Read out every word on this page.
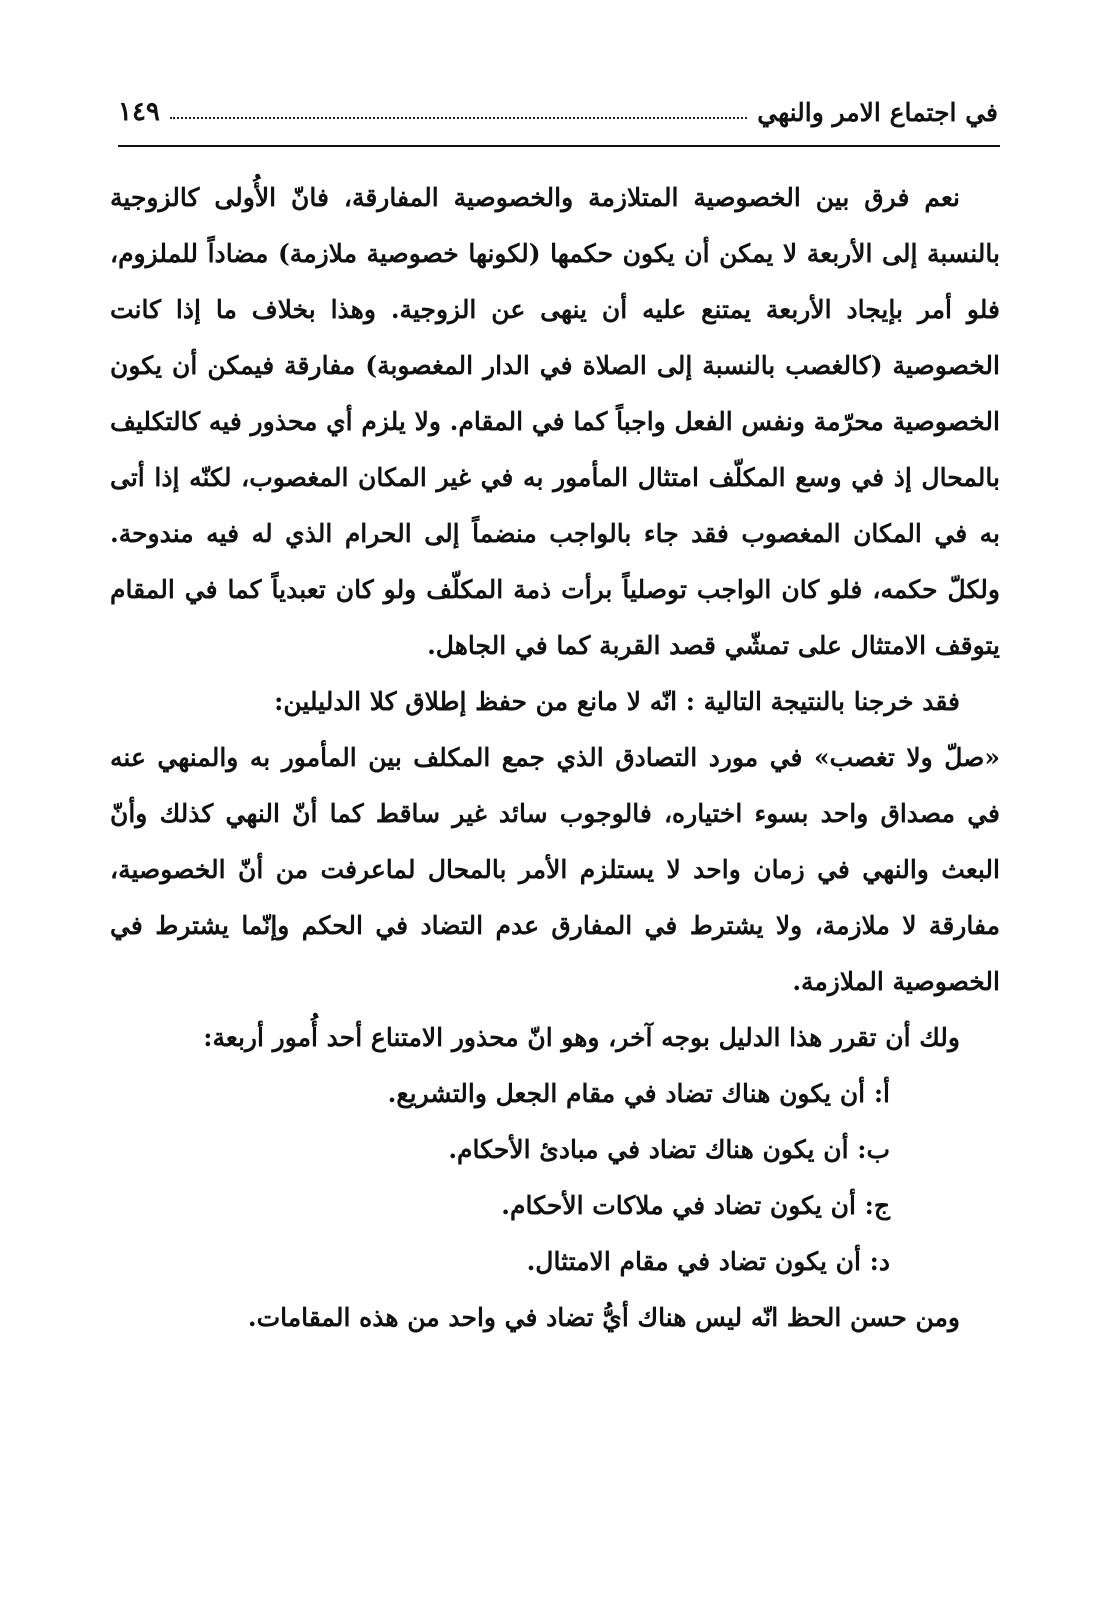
في اجتماع الامر والنهي
١٤٩

نعم فرق بين الخصوصية المتلازمة والخصوصية المفارقة، فانّ الأُولى كالزوجية بالنسبة إلى الأربعة لا يمكن أن يكون حكمها (لكونها خصوصية ملازمة) مضاداً للملزوم، فلو أمر بإيجاد الأربعة يمتنع عليه أن ينهى عن الزوجية. وهذا بخلاف ما إذا كانت الخصوصية (كالغصب بالنسبة إلى الصلاة في الدار المغصوبة) مفارقة فيمكن أن يكون الخصوصية محرّمة ونفس الفعل واجباً كما في المقام. ولا يلزم أي محذور فيه كالتكليف بالمحال إذ في وسع المكلّف امتثال المأمور به في غير المكان المغصوب، لكنّه إذا أتى به في المكان المغصوب فقد جاء بالواجب منضماً إلى الحرام الذي له فيه مندوحة. ولكلّ حكمه، فلو كان الواجب توصلياً برأت ذمة المكلّف ولو كان تعبدياً كما في المقام يتوقف الامتثال على تمشّي قصد القربة كما في الجاهل.

فقد خرجنا بالنتيجة التالية : انّه لا مانع من حفظ إطلاق كلا الدليلين:

«صلّ ولا تغصب» في مورد التصادق الذي جمع المكلف بين المأمور به والمنهي عنه في مصداق واحد بسوء اختياره، فالوجوب سائد غير ساقط كما أنّ النهي كذلك وأنّ البعث والنهي في زمان واحد لا يستلزم الأمر بالمحال لماعرفت من أنّ الخصوصية، مفارقة لا ملازمة، ولا يشترط في المفارق عدم التضاد في الحكم وإنّما يشترط في الخصوصية الملازمة.

ولك أن تقرر هذا الدليل بوجه آخر، وهو انّ محذور الامتناع أحد أُمور أربعة:

أ: أن يكون هناك تضاد في مقام الجعل والتشريع.
ب: أن يكون هناك تضاد في مبادئ الأحكام.
ج: أن يكون تضاد في ملاكات الأحكام.
د: أن يكون تضاد في مقام الامتثال.

ومن حسن الحظ انّه ليس هناك أيُّ تضاد في واحد من هذه المقامات.
